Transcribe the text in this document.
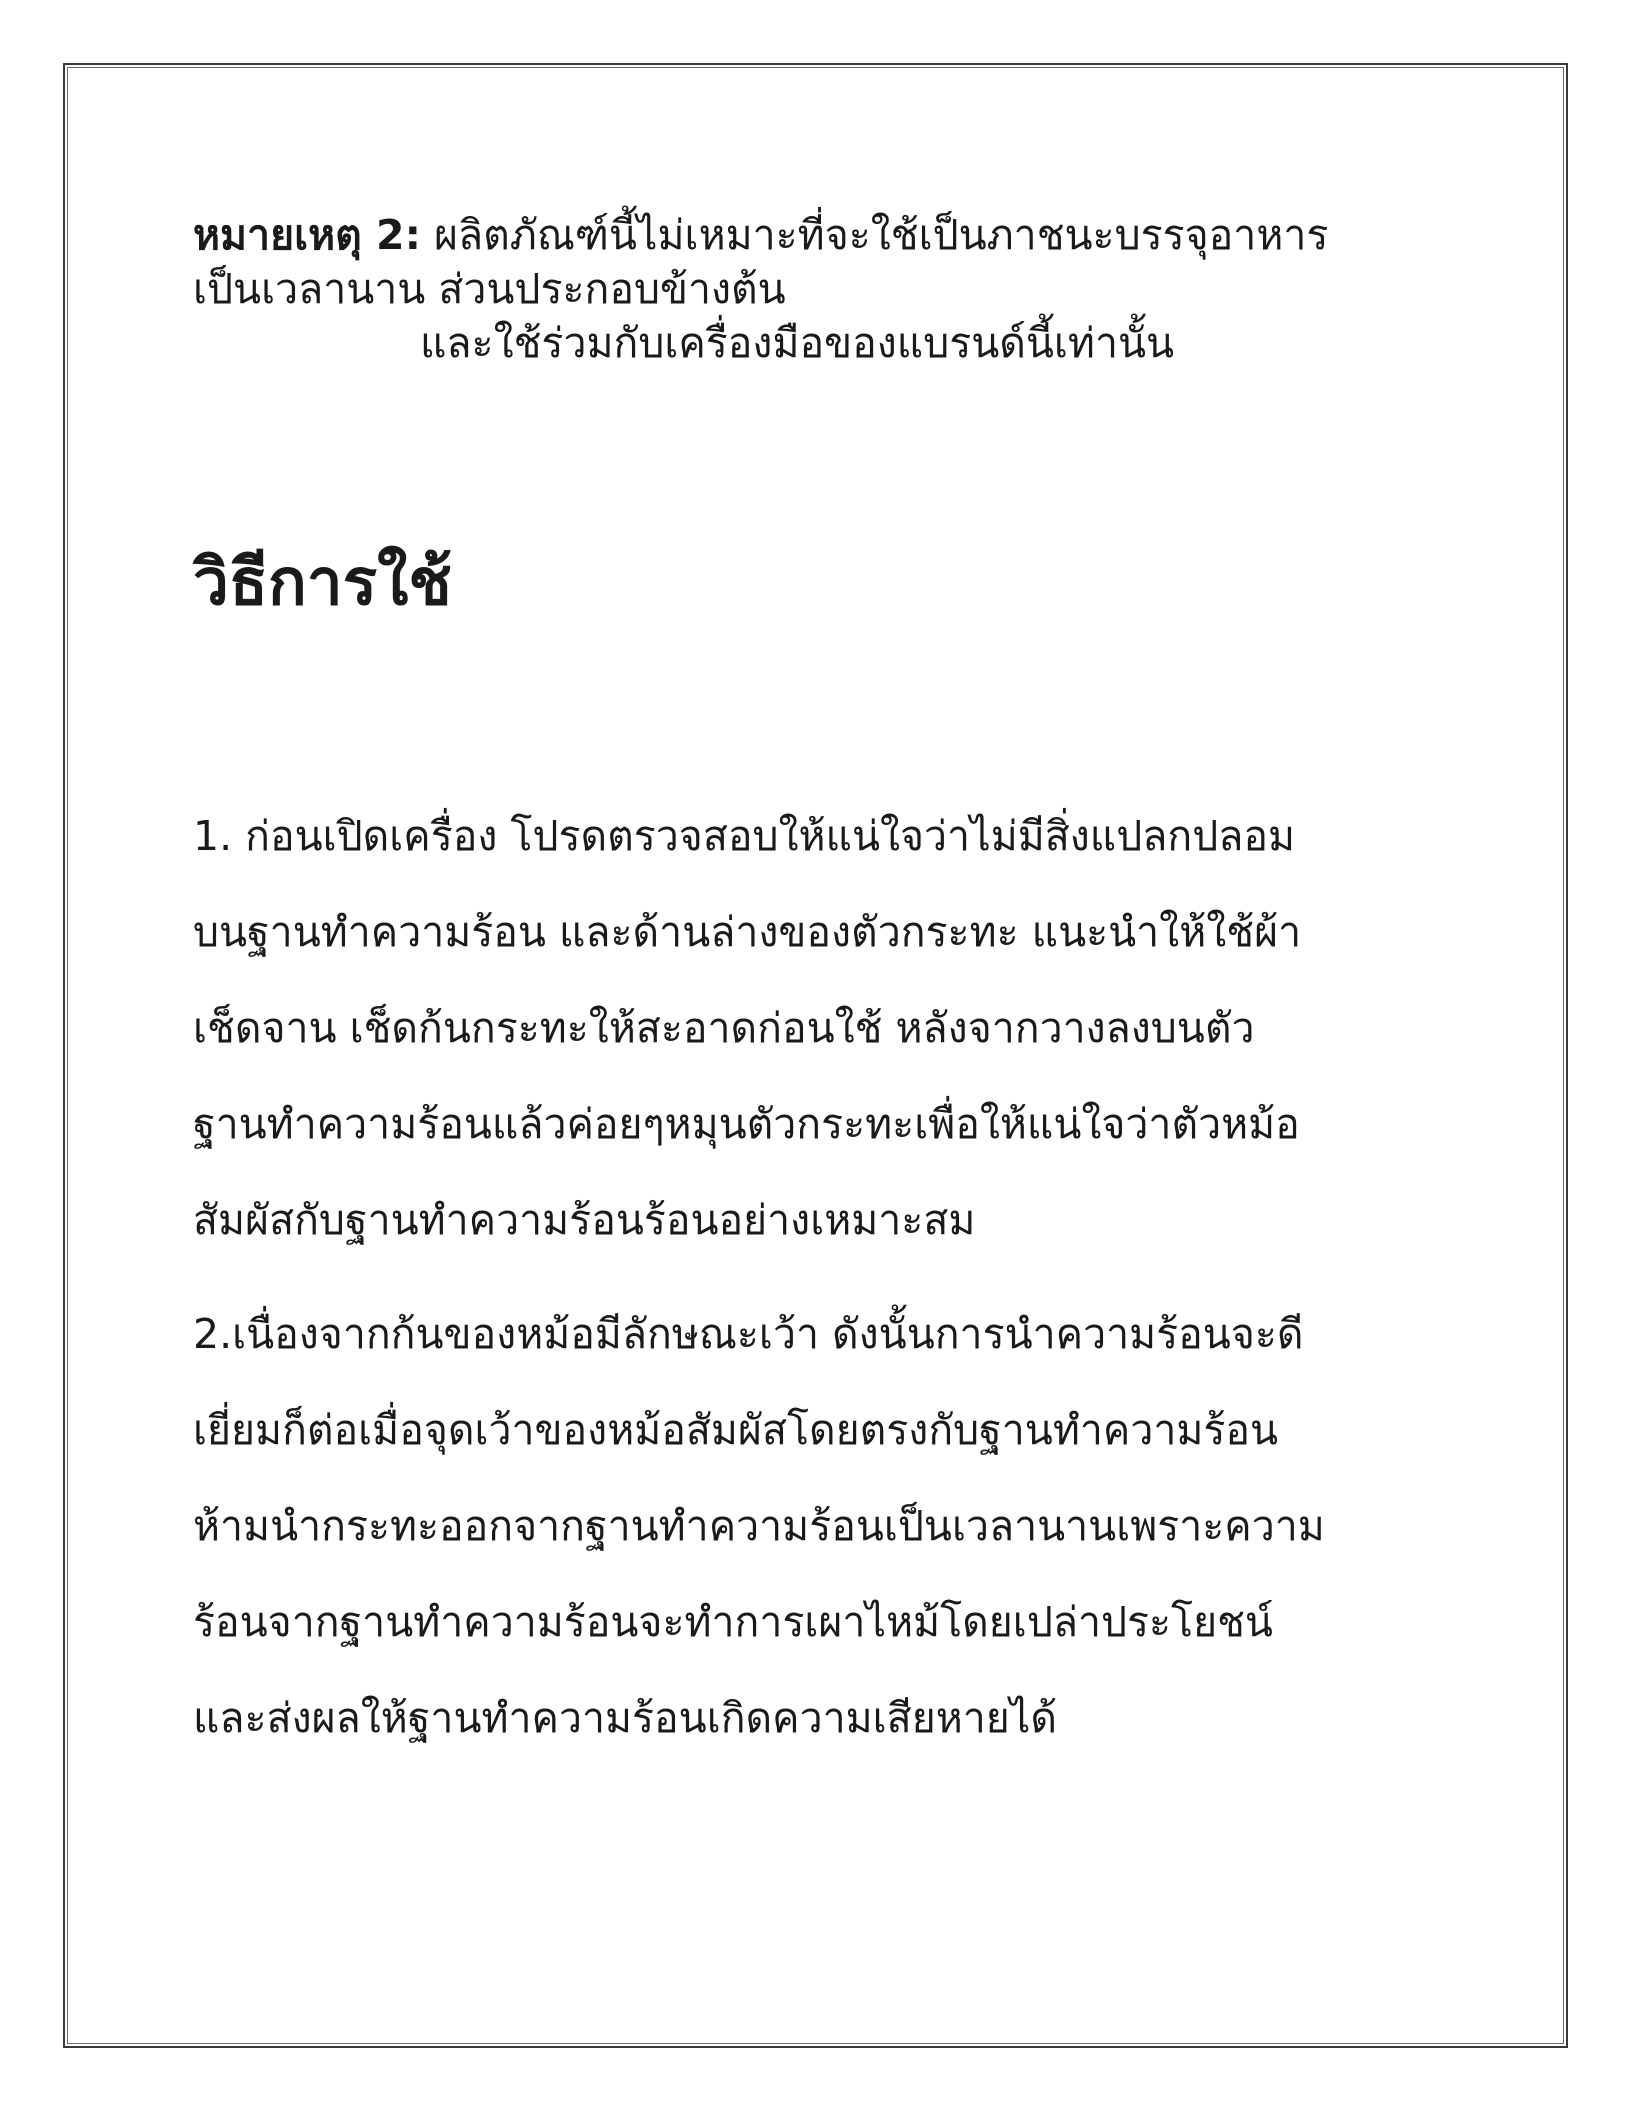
หมายเหตุ 2: ผลิตภัณฑ์นี้ไม่เหมาะที่จะใช้เป็นภาชนะบรรจุอาหาร
เป็นเวลานาน ส่วนประกอบข้างต้น
และใช้ร่วมกับเครื่องมือของแบรนด์นี้เท่านั้น
วิธีการใช้
1. ก่อนเปิดเครื่อง โปรดตรวจสอบให้แน่ใจว่าไม่มีสิ่งแปลกปลอม
บนฐานทำความร้อน และด้านล่างของตัวกระทะ แนะนำให้ใช้ผ้า
เช็ดจาน เช็ดก้นกระทะให้สะอาดก่อนใช้ หลังจากวางลงบนตัว
ฐานทำความร้อนแล้วค่อยๆหมุนตัวกระทะเพื่อให้แน่ใจว่าตัวหม้อ
สัมผัสกับฐานทำความร้อนร้อนอย่างเหมาะสม
2.เนื่องจากก้นของหม้อมีลักษณะเว้า ดังนั้นการนำความร้อนจะดี
เยี่ยมก็ต่อเมื่อจุดเว้าของหม้อสัมผัสโดยตรงกับฐานทำความร้อน
ห้ามนำกระทะออกจากฐานทำความร้อนเป็นเวลานานเพราะความ
ร้อนจากฐานทำความร้อนจะทำการเผาไหม้โดยเปล่าประโยชน์
และส่งผลให้ฐานทำความร้อนเกิดความเสียหายได้
